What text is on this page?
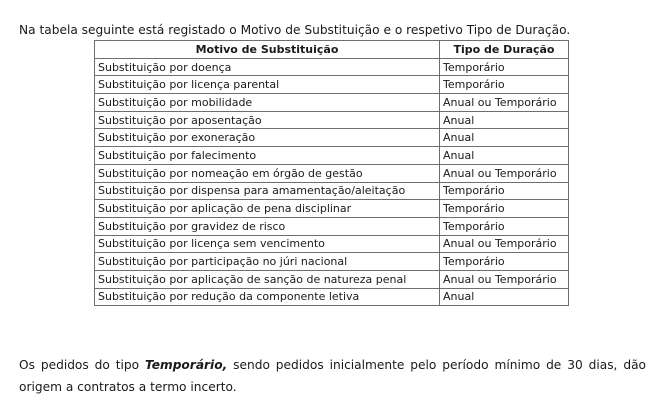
Na tabela seguinte está registado o Motivo de Substituição e o respetivo Tipo de Duração.

Motivo de Substituição	Tipo de Duração
Substituição por doença	Temporário
Substituição por licença parental	Temporário
Substituição por mobilidade	Anual ou Temporário
Substituição por aposentação	Anual
Substituição por exoneração	Anual
Substituição por falecimento	Anual
Substituição por nomeação em órgão de gestão	Anual ou Temporário
Substituição por dispensa para amamentação/aleitação	Temporário
Substituição por aplicação de pena disciplinar	Temporário
Substituição por gravidez de risco	Temporário
Substituição por licença sem vencimento	Anual ou Temporário
Substituição por participação no júri nacional	Temporário
Substituição por aplicação de sanção de natureza penal	Anual ou Temporário
Substituição por redução da componente letiva	Anual

Os pedidos do tipo Temporário, sendo pedidos inicialmente pelo período mínimo de 30 dias, dão origem a contratos a termo incerto.
